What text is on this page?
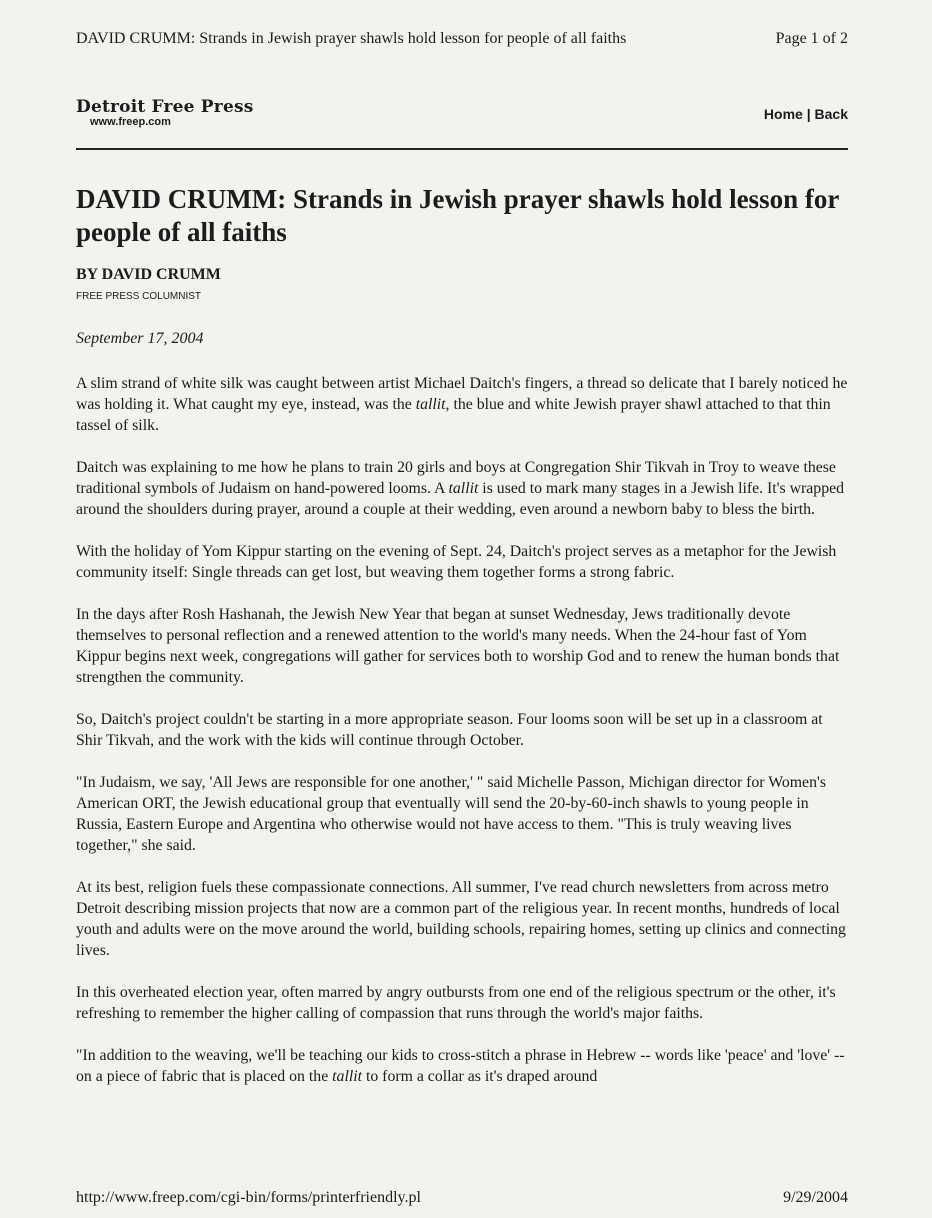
DAVID CRUMM: Strands in Jewish prayer shawls hold lesson for people of all faiths	Page 1 of 2
Detroit Free Press
www.freep.com	Home | Back
DAVID CRUMM: Strands in Jewish prayer shawls hold lesson for people of all faiths
BY DAVID CRUMM
FREE PRESS COLUMNIST
September 17, 2004

A slim strand of white silk was caught between artist Michael Daitch's fingers, a thread so delicate that I barely noticed he was holding it. What caught my eye, instead, was the tallit, the blue and white Jewish prayer shawl attached to that thin tassel of silk.

Daitch was explaining to me how he plans to train 20 girls and boys at Congregation Shir Tikvah in Troy to weave these traditional symbols of Judaism on hand-powered looms. A tallit is used to mark many stages in a Jewish life. It's wrapped around the shoulders during prayer, around a couple at their wedding, even around a newborn baby to bless the birth.

With the holiday of Yom Kippur starting on the evening of Sept. 24, Daitch's project serves as a metaphor for the Jewish community itself: Single threads can get lost, but weaving them together forms a strong fabric.

In the days after Rosh Hashanah, the Jewish New Year that began at sunset Wednesday, Jews traditionally devote themselves to personal reflection and a renewed attention to the world's many needs. When the 24-hour fast of Yom Kippur begins next week, congregations will gather for services both to worship God and to renew the human bonds that strengthen the community.

So, Daitch's project couldn't be starting in a more appropriate season. Four looms soon will be set up in a classroom at Shir Tikvah, and the work with the kids will continue through October.

"In Judaism, we say, 'All Jews are responsible for one another,' " said Michelle Passon, Michigan director for Women's American ORT, the Jewish educational group that eventually will send the 20-by-60-inch shawls to young people in Russia, Eastern Europe and Argentina who otherwise would not have access to them. "This is truly weaving lives together," she said.

At its best, religion fuels these compassionate connections. All summer, I've read church newsletters from across metro Detroit describing mission projects that now are a common part of the religious year. In recent months, hundreds of local youth and adults were on the move around the world, building schools, repairing homes, setting up clinics and connecting lives.

In this overheated election year, often marred by angry outbursts from one end of the religious spectrum or the other, it's refreshing to remember the higher calling of compassion that runs through the world's major faiths.

"In addition to the weaving, we'll be teaching our kids to cross-stitch a phrase in Hebrew -- words like 'peace' and 'love' -- on a piece of fabric that is placed on the tallit to form a collar as it's draped around

http://www.freep.com/cgi-bin/forms/printerfriendly.pl	9/29/2004
